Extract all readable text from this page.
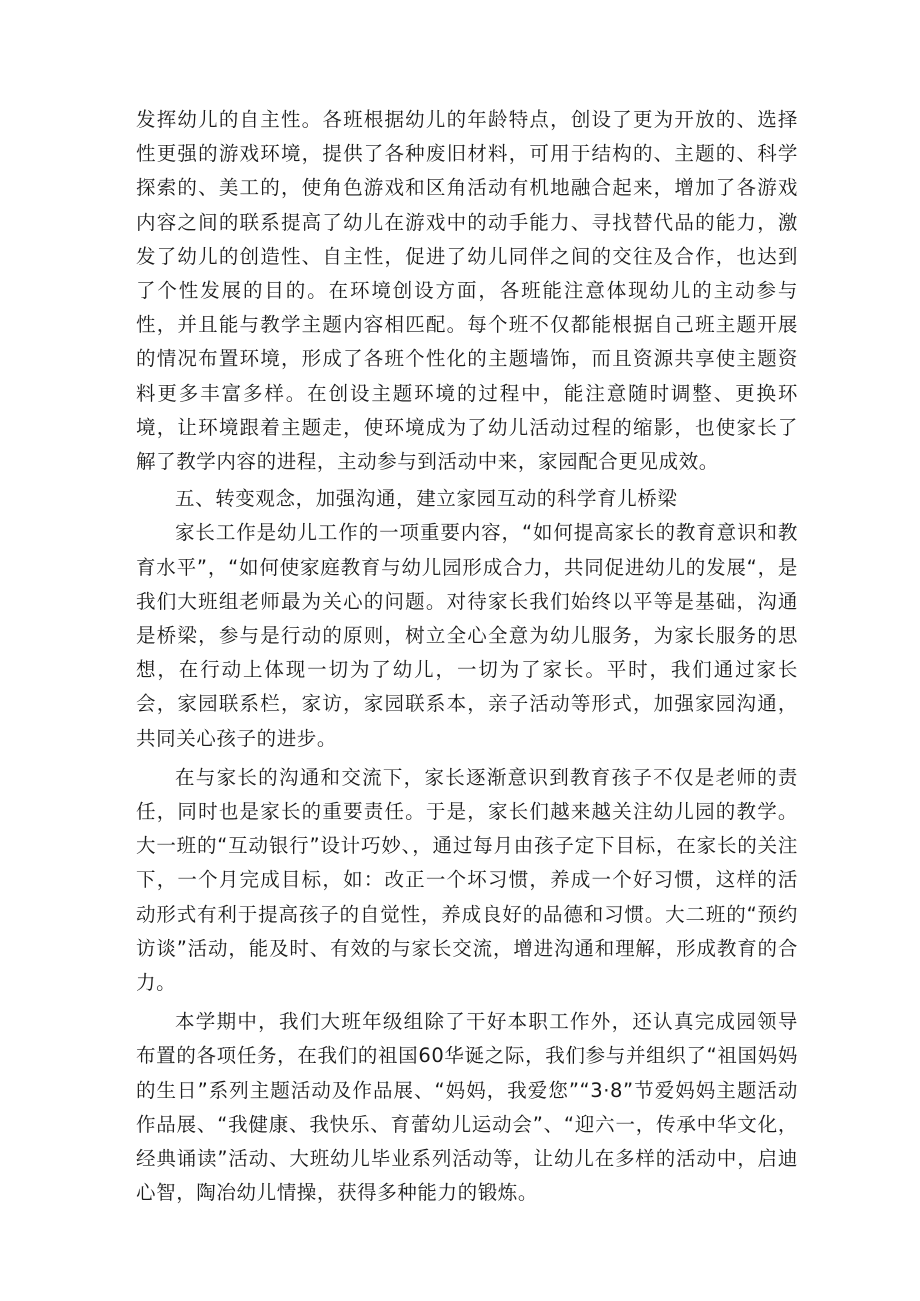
发挥幼儿的自主性。各班根据幼儿的年龄特点，创设了更为开放的、选择性更强的游戏环境，提供了各种废旧材料，可用于结构的、主题的、科学探索的、美工的，使角色游戏和区角活动有机地融合起来，增加了各游戏内容之间的联系提高了幼儿在游戏中的动手能力、寻找替代品的能力，激发了幼儿的创造性、自主性，促进了幼儿同伴之间的交往及合作，也达到了个性发展的目的。在环境创设方面，各班能注意体现幼儿的主动参与性，并且能与教学主题内容相匹配。每个班不仅都能根据自己班主题开展的情况布置环境，形成了各班个性化的主题墙饰，而且资源共享使主题资料更多丰富多样。在创设主题环境的过程中，能注意随时调整、更换环境，让环境跟着主题走，使环境成为了幼儿活动过程的缩影，也使家长了解了教学内容的进程，主动参与到活动中来，家园配合更见成效。

五、转变观念，加强沟通，建立家园互动的科学育儿桥梁

家长工作是幼儿工作的一项重要内容，“如何提高家长的教育意识和教育水平”，“如何使家庭教育与幼儿园形成合力，共同促进幼儿的发展“，是我们大班组老师最为关心的问题。对待家长我们始终以平等是基础，沟通是桥梁，参与是行动的原则，树立全心全意为幼儿服务，为家长服务的思想，在行动上体现一切为了幼儿，一切为了家长。平时，我们通过家长会，家园联系栏，家访，家园联系本，亲子活动等形式，加强家园沟通，共同关心孩子的进步。

在与家长的沟通和交流下，家长逐渐意识到教育孩子不仅是老师的责任，同时也是家长的重要责任。于是，家长们越来越关注幼儿园的教学。大一班的“互动银行”设计巧妙、，通过每月由孩子定下目标，在家长的关注下，一个月完成目标，如：改正一个坏习惯，养成一个好习惯，这样的活动形式有利于提高孩子的自觉性，养成良好的品德和习惯。大二班的“预约访谈”活动，能及时、有效的与家长交流，增进沟通和理解，形成教育的合力。

本学期中，我们大班年级组除了干好本职工作外，还认真完成园领导布置的各项任务，在我们的祖国60华诞之际，我们参与并组织了“祖国妈妈的生日”系列主题活动及作品展、“妈妈，我爱您”“3·8”节爱妈妈主题活动作品展、“我健康、我快乐、育蕾幼儿运动会”、“迎六一，传承中华文化，经典诵读”活动、大班幼儿毕业系列活动等，让幼儿在多样的活动中，启迪心智，陶冶幼儿情操，获得多种能力的锻炼。
